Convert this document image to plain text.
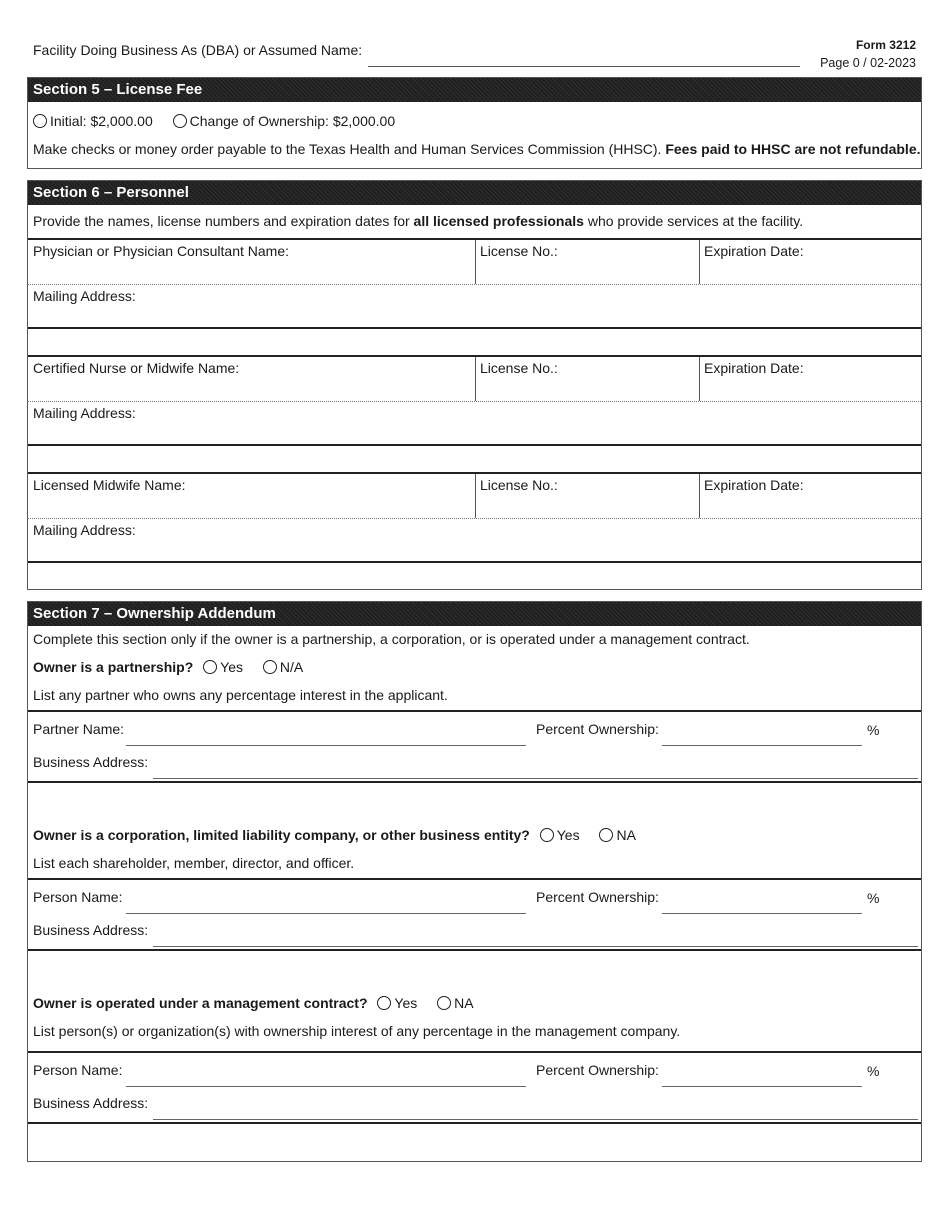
Facility Doing Business As (DBA) or Assumed Name:	Form 3212
Page 0 / 02-2023
Section 5 – License Fee
Initial: $2,000.00	Change of Ownership: $2,000.00
Make checks or money order payable to the Texas Health and Human Services Commission (HHSC). Fees paid to HHSC are not refundable.
Section 6 – Personnel
Provide the names, license numbers and expiration dates for all licensed professionals who provide services at the facility.
Physician or Physician Consultant Name:	License No.:	Expiration Date:
Mailing Address:
Certified Nurse or Midwife Name:	License No.:	Expiration Date:
Mailing Address:
Licensed Midwife Name:	License No.:	Expiration Date:
Mailing Address:
Section 7 – Ownership Addendum
Complete this section only if the owner is a partnership, a corporation, or is operated under a management contract.
Owner is a partnership? Yes	N/A
List any partner who owns any percentage interest in the applicant.
Partner Name:	Percent Ownership:	%
Business Address:
Owner is a corporation, limited liability company, or other business entity? Yes	NA
List each shareholder, member, director, and officer.
Person Name:	Percent Ownership:	%
Business Address:
Owner is operated under a management contract? Yes	NA
List person(s) or organization(s) with ownership interest of any percentage in the management company.
Person Name:	Percent Ownership:	%
Business Address:
